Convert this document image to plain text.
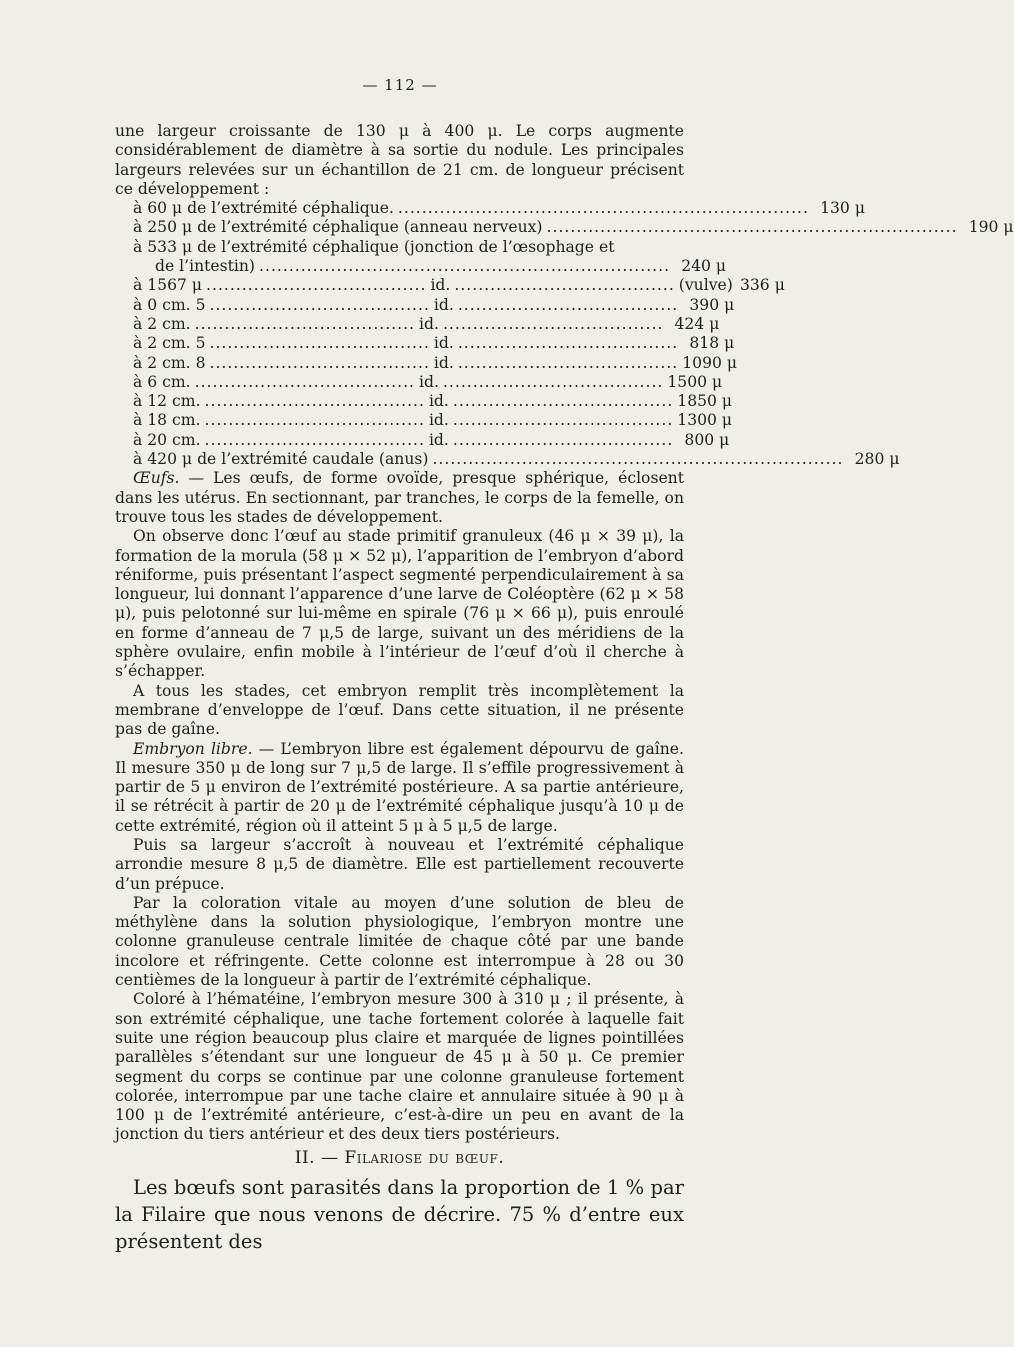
— 112 —

une largeur croissante de 130 μ à 400 μ. Le corps augmente considérablement de diamètre à sa sortie du nodule. Les principales largeurs relevées sur un échantillon de 21 cm. de longueur précisent ce développement :

à 60 μ de l’extrémité céphalique. ..................................................................... 130 μ
à 250 μ de l’extrémité céphalique (anneau nerveux) ..................................................................... 190 μ
à 533 μ de l’extrémité céphalique (jonction de l’œsophage et
de l’intestin) ..................................................................... 240 μ
à 1567 μ ..................................... id. ..................................... (vulve) 336 μ
à 0 cm. 5 ..................................... id. ..................................... 390 μ
à 2 cm. ..................................... id. ..................................... 424 μ
à 2 cm. 5 ..................................... id. ..................................... 818 μ
à 2 cm. 8 ..................................... id. ..................................... 1090 μ
à 6 cm. ..................................... id. ..................................... 1500 μ
à 12 cm. ..................................... id. ..................................... 1850 μ
à 18 cm. ..................................... id. ..................................... 1300 μ
à 20 cm. ..................................... id. ..................................... 800 μ
à 420 μ de l’extrémité caudale (anus) ..................................................................... 280 μ

Œufs. — Les œufs, de forme ovoïde, presque sphérique, éclosent dans les utérus. En sectionnant, par tranches, le corps de la femelle, on trouve tous les stades de développement.

On observe donc l’œuf au stade primitif granuleux (46 μ × 39 μ), la formation de la morula (58 μ × 52 μ), l’apparition de l’embryon d’abord réniforme, puis présentant l’aspect segmenté perpendiculairement à sa longueur, lui donnant l’apparence d’une larve de Coléoptère (62 μ × 58 μ), puis pelotonné sur lui-même en spirale (76 μ × 66 μ), puis enroulé en forme d’anneau de 7 μ,5 de large, suivant un des méridiens de la sphère ovulaire, enfin mobile à l’intérieur de l’œuf d’où il cherche à s’échapper.

A tous les stades, cet embryon remplit très incomplètement la membrane d’enveloppe de l’œuf. Dans cette situation, il ne présente pas de gaîne.

Embryon libre. — L’embryon libre est également dépourvu de gaîne. Il mesure 350 μ de long sur 7 μ,5 de large. Il s’effile progressivement à partir de 5 μ environ de l’extrémité postérieure. A sa partie antérieure, il se rétrécit à partir de 20 μ de l’extrémité céphalique jusqu’à 10 μ de cette extrémité, région où il atteint 5 μ à 5 μ,5 de large.

Puis sa largeur s’accroît à nouveau et l’extrémité céphalique arrondie mesure 8 μ,5 de diamètre. Elle est partiellement recouverte d’un prépuce.

Par la coloration vitale au moyen d’une solution de bleu de méthylène dans la solution physiologique, l’embryon montre une colonne granuleuse centrale limitée de chaque côté par une bande incolore et réfringente. Cette colonne est interrompue à 28 ou 30 centièmes de la longueur à partir de l’extrémité céphalique.

Coloré à l’hématéine, l’embryon mesure 300 à 310 μ ; il présente, à son extrémité céphalique, une tache fortement colorée à laquelle fait suite une région beaucoup plus claire et marquée de lignes pointillées parallèles s’étendant sur une longueur de 45 μ à 50 μ. Ce premier segment du corps se continue par une colonne granuleuse fortement colorée, interrompue par une tache claire et annulaire située à 90 μ à 100 μ de l’extrémité antérieure, c’est-à-dire un peu en avant de la jonction du tiers antérieur et des deux tiers postérieurs.

II. — Filariose du bœuf.

Les bœufs sont parasités dans la proportion de 1 % par la Filaire que nous venons de décrire. 75 % d’entre eux présentent des
